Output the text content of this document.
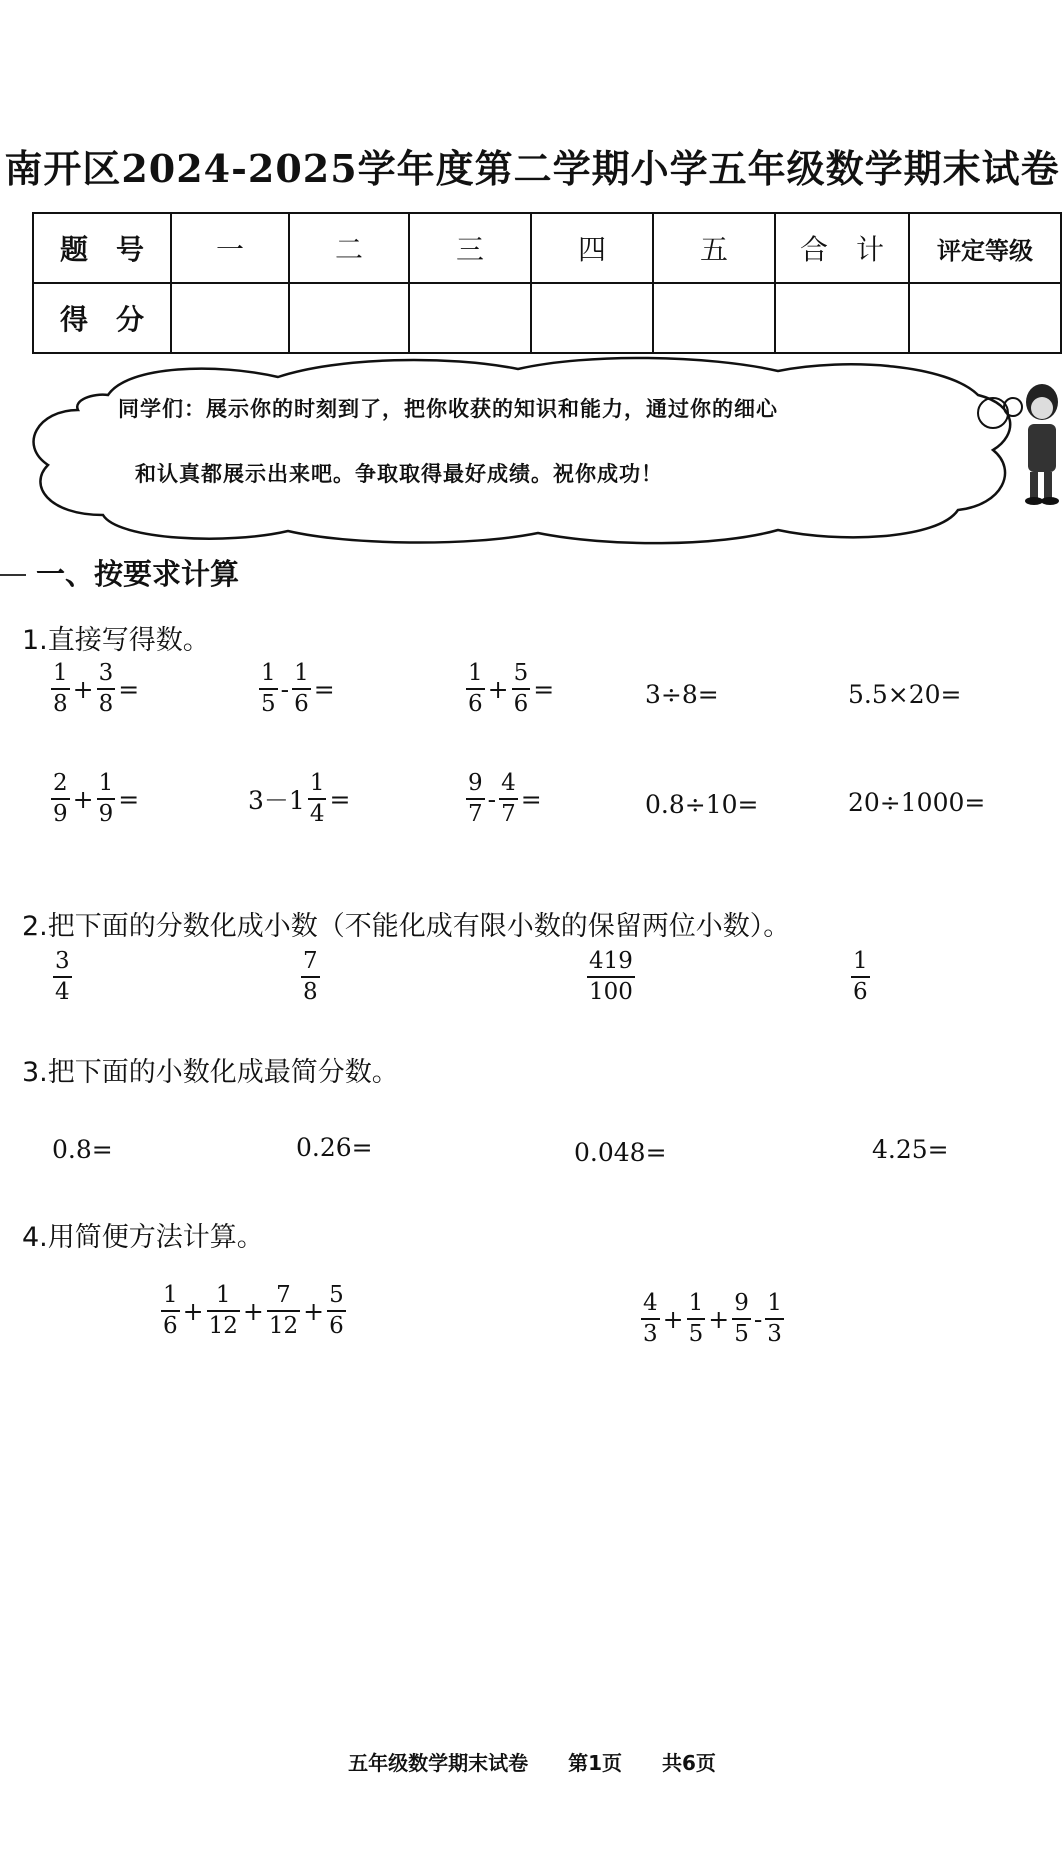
南开区2024-2025学年度第二学期小学五年级数学期末试卷
题　号	一	二	三	四	五	合　计	评定等级
得　分							
同学们：展示你的时刻到了，把你收获的知识和能力，通过你的细心
和认真都展示出来吧。争取取得最好成绩。祝你成功！
一、按要求计算
1.直接写得数。
$\frac{1}{8} + \frac{3}{8}$ =	$\frac{1}{5} - \frac{1}{6}$ =	$\frac{1}{6} + \frac{5}{6}$ =	3÷8=	5.5×20=
$\frac{2}{9} + \frac{1}{9}$ =	$3-1 \frac{1}{4}$ =	$\frac{9}{7} - \frac{4}{7}$ =	0.8÷10=	20÷1000=
2.把下面的分数化成小数（不能化成有限小数的保留两位小数）。
$\frac{3}{4}$	$\frac{7}{8}$	$\frac{419}{100}$	$\frac{1}{6}$
3.把下面的小数化成最简分数。
0.8=	0.26=	0.048=	4.25=
4.用简便方法计算。
$\frac{1}{6} + \frac{1}{12} + \frac{7}{12} + \frac{5}{6}$	$\frac{4}{3} + \frac{1}{5} + \frac{9}{5} - \frac{1}{3}$
五年级数学期末试卷　　第1页　　共6页
